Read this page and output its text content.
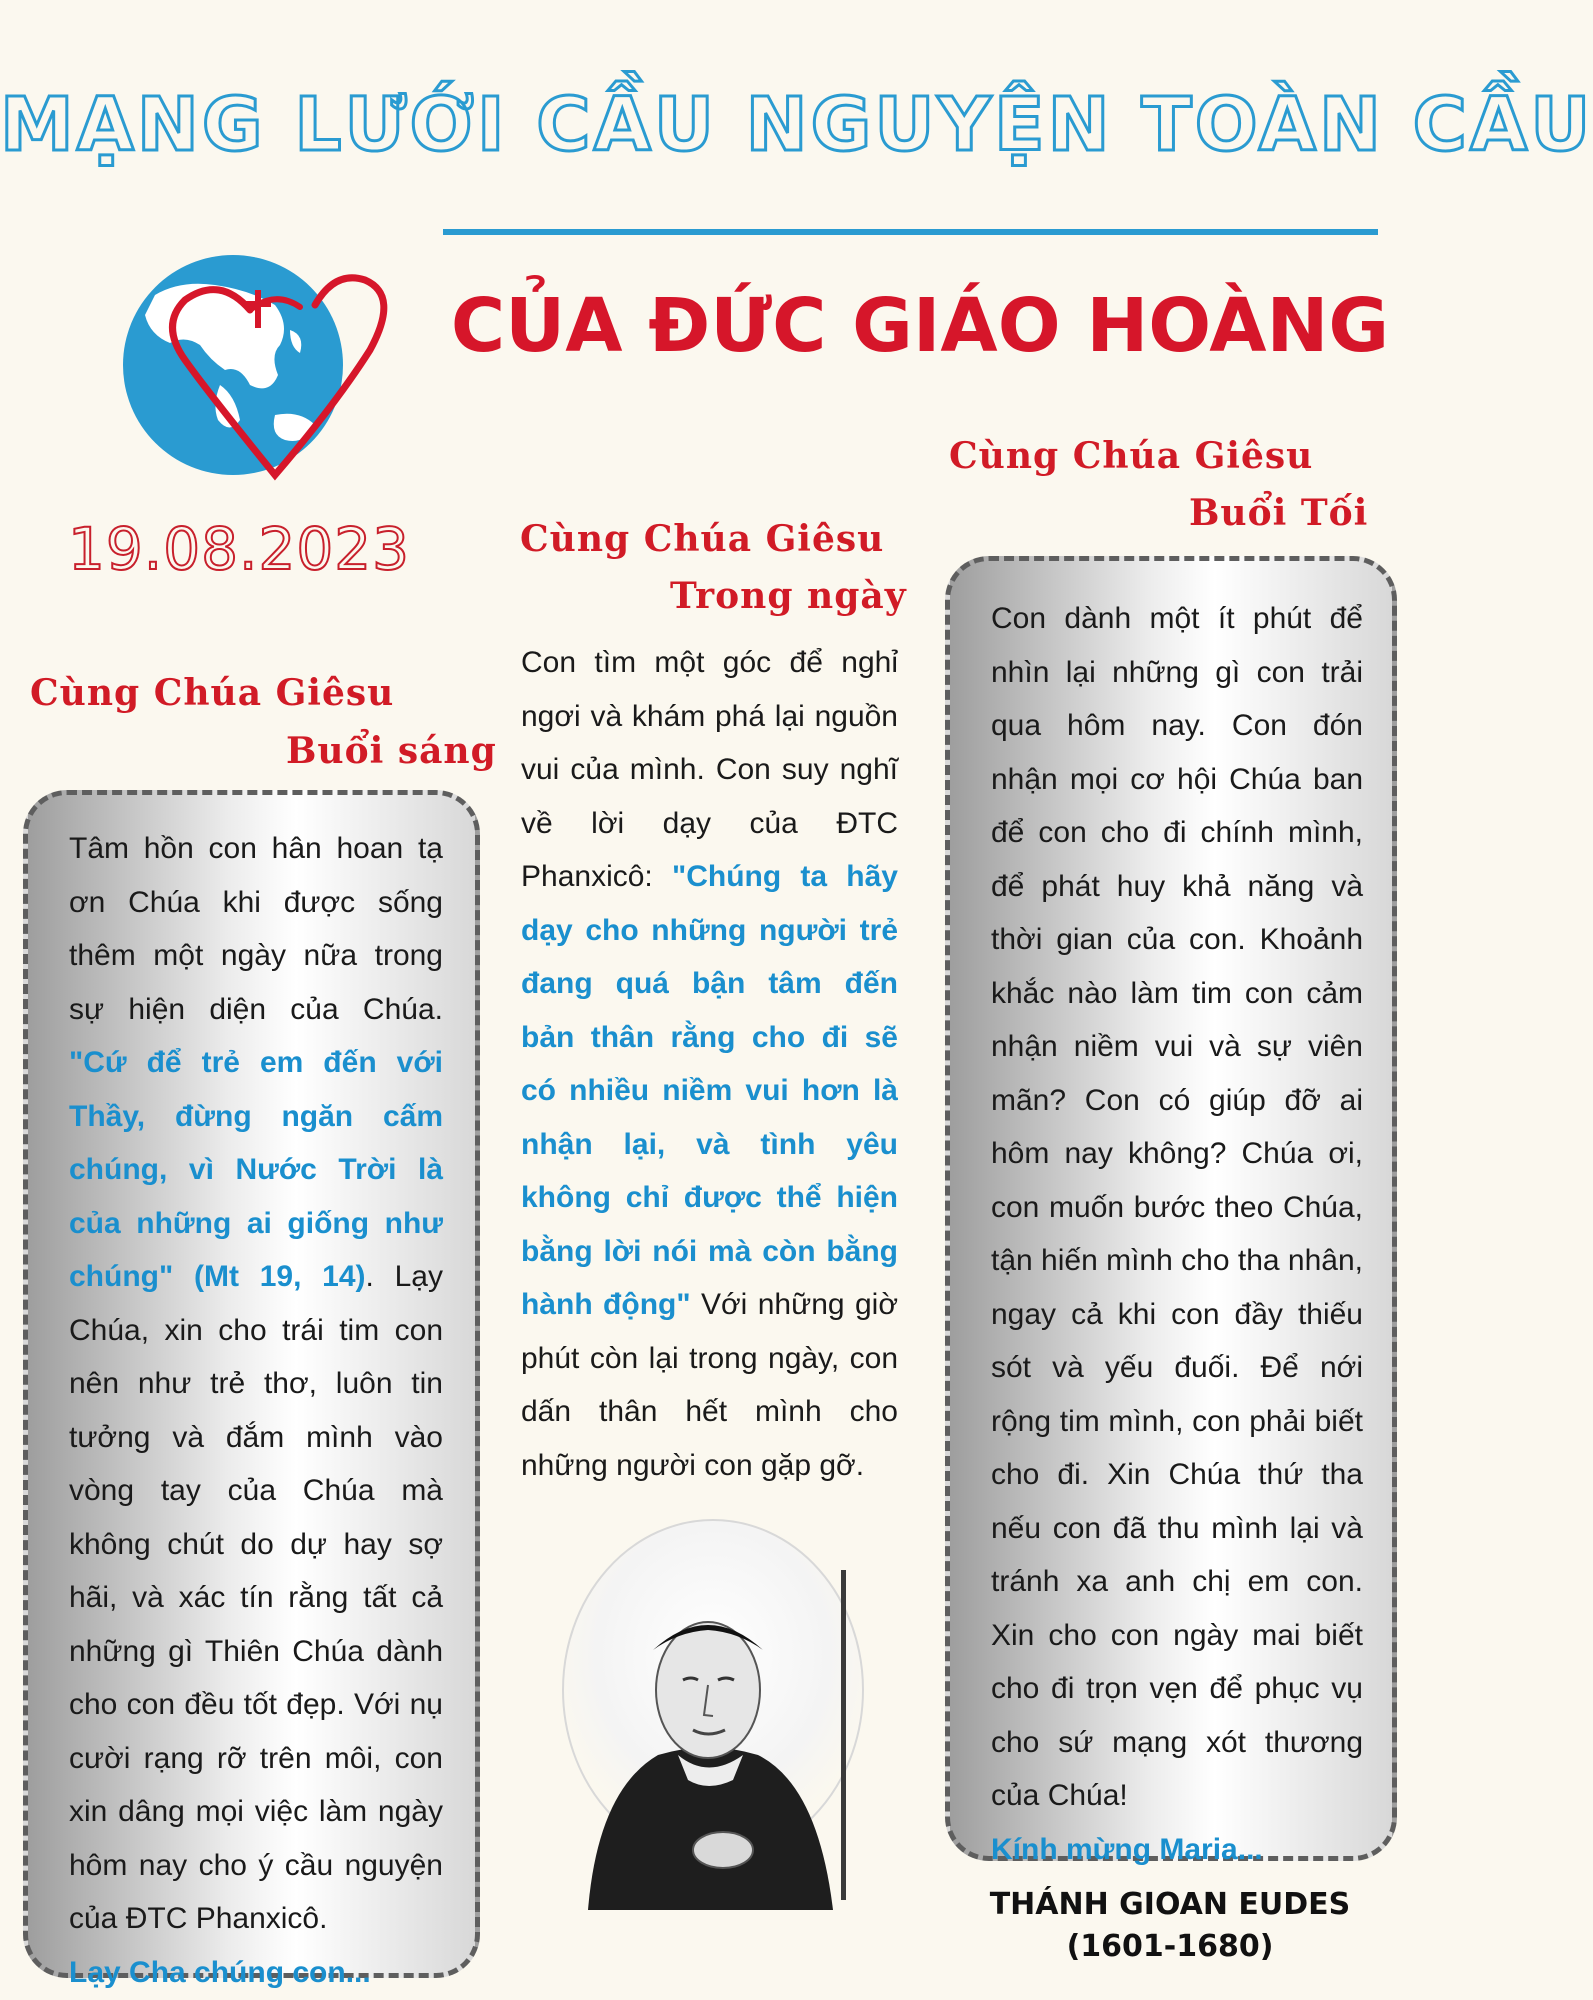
MẠNG LƯỚI CẦU NGUYỆN TOÀN CẦU
CỦA ĐỨC GIÁO HOÀNG
19.08.2023
Cùng Chúa Giêsu
Buổi sáng
Tâm hồn con hân hoan tạ ơn Chúa khi được sống thêm một ngày nữa trong sự hiện diện của Chúa. "Cứ để trẻ em đến với Thầy, đừng ngăn cấm chúng, vì Nước Trời là của những ai giống như chúng" (Mt 19, 14). Lạy Chúa, xin cho trái tim con nên như trẻ thơ, luôn tin tưởng và đắm mình vào vòng tay của Chúa mà không chút do dự hay sợ hãi, và xác tín rằng tất cả những gì Thiên Chúa dành cho con đều tốt đẹp. Với nụ cười rạng rỡ trên môi, con xin dâng mọi việc làm ngày hôm nay cho ý cầu nguyện của ĐTC Phanxicô.
Lạy Cha chúng con...
Cùng Chúa Giêsu
Trong ngày
Con tìm một góc để nghỉ ngơi và khám phá lại nguồn vui của mình. Con suy nghĩ về lời dạy của ĐTC Phanxicô: "Chúng ta hãy dạy cho những người trẻ đang quá bận tâm đến bản thân rằng cho đi sẽ có nhiều niềm vui hơn là nhận lại, và tình yêu không chỉ được thể hiện bằng lời nói mà còn bằng hành động" Với những giờ phút còn lại trong ngày, con dấn thân hết mình cho những người con gặp gỡ.
Cùng Chúa Giêsu
Buổi Tối
Con dành một ít phút để nhìn lại những gì con trải qua hôm nay. Con đón nhận mọi cơ hội Chúa ban để con cho đi chính mình, để phát huy khả năng và thời gian của con. Khoảnh khắc nào làm tim con cảm nhận niềm vui và sự viên mãn? Con có giúp đỡ ai hôm nay không? Chúa ơi, con muốn bước theo Chúa, tận hiến mình cho tha nhân, ngay cả khi con đầy thiếu sót và yếu đuối. Để nới rộng tim mình, con phải biết cho đi. Xin Chúa thứ tha nếu con đã thu mình lại và tránh xa anh chị em con. Xin cho con ngày mai biết cho đi trọn vẹn để phục vụ cho sứ mạng xót thương của Chúa!
Kính mừng Maria...
THÁNH GIOAN EUDES
(1601-1680)
